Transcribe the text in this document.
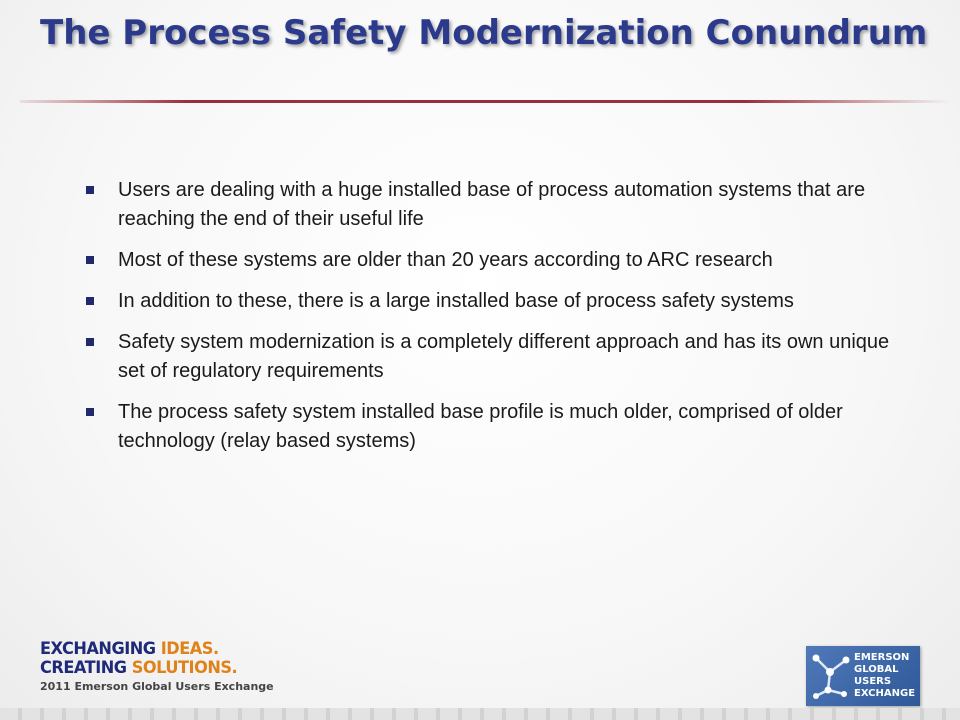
The Process Safety Modernization Conundrum
Users are dealing with a huge installed base of process automation systems that are reaching the end of their useful life
Most of these systems are older than 20 years according to ARC research
In addition to these, there is a large installed base of process safety systems
Safety system modernization is a completely different approach and has its own unique set of regulatory requirements
The process safety system installed base profile is much older, comprised of older technology (relay based systems)
EXCHANGING IDEAS.
CREATING SOLUTIONS.
2011 Emerson Global Users Exchange
EMERSON
GLOBAL
USERS
EXCHANGE
